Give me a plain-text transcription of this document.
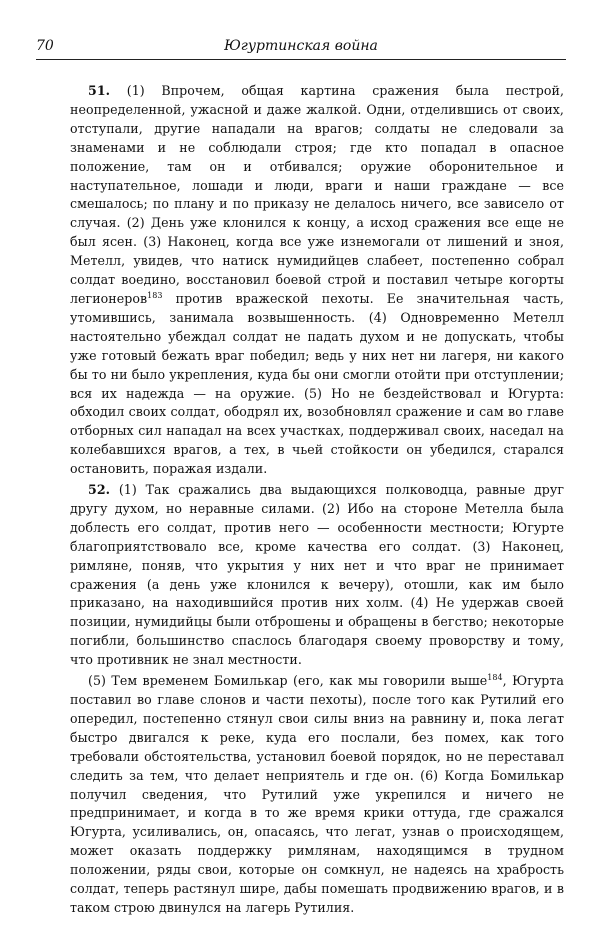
70	Югуртинская война

51. (1) Впрочем, общая картина сражения была пестрой, неопределенной, ужасной и даже жалкой. Одни, отделившись от своих, отступали, другие нападали на врагов; солдаты не следовали за знаменами и не соблюдали строя; где кто попадал в опасное положение, там он и отбивался; оружие оборонительное и наступательное, лошади и люди, враги и наши граждане — все смешалось; по плану и по приказу не делалось ничего, все зависело от случая. (2) День уже клонился к концу, а исход сражения все еще не был ясен. (3) Наконец, когда все уже изнемогали от лишений и зноя, Метелл, увидев, что натиск нумидийцев слабеет, постепенно собрал солдат воедино, восстановил боевой строй и поставил четыре когорты легионеров$^{183}$ против вражеской пехоты. Ее значительная часть, утомившись, занимала возвышенность. (4) Одновременно Метелл настоятельно убеждал солдат не падать духом и не допускать, чтобы уже готовый бежать враг победил; ведь у них нет ни лагеря, ни какого бы то ни было укрепления, куда бы они смогли отойти при отступлении; вся их надежда — на оружие. (5) Но не бездействовал и Югурта: обходил своих солдат, ободрял их, возобновлял сражение и сам во главе отборных сил нападал на всех участках, поддерживал своих, наседал на колебавшихся врагов, а тех, в чьей стойкости он убедился, старался остановить, поражая издали.

52. (1) Так сражались два выдающихся полководца, равные друг другу духом, но неравные силами. (2) Ибо на стороне Метелла была доблесть его солдат, против него — особенности местности; Югурте благоприятствовало все, кроме качества его солдат. (3) Наконец, римляне, поняв, что укрытия у них нет и что враг не принимает сражения (а день уже клонился к вечеру), отошли, как им было приказано, на находившийся против них холм. (4) Не удержав своей позиции, нумидийцы были отброшены и обращены в бегство; некоторые погибли, большинство спаслось благодаря своему проворству и тому, что противник не знал местности.

(5) Тем временем Бомилькар (его, как мы говорили выше$^{184}$, Югурта поставил во главе слонов и части пехоты), после того как Рутилий его опередил, постепенно стянул свои силы вниз на равнину и, пока легат быстро двигался к реке, куда его послали, без помех, как того требовали обстоятельства, установил боевой порядок, но не переставал следить за тем, что делает неприятель и где он. (6) Когда Бомилькар получил сведения, что Рутилий уже укрепился и ничего не предпринимает, и когда в то же время крики оттуда, где сражался Югурта, усиливались, он, опасаясь, что легат, узнав о происходящем, может оказать поддержку римлянам, находящимся в трудном положении, ряды свои, которые он сомкнул, не надеясь на храбрость солдат, теперь растянул шире, дабы помешать продвижению врагов, и в таком строю двинулся на лагерь Рутилия.
